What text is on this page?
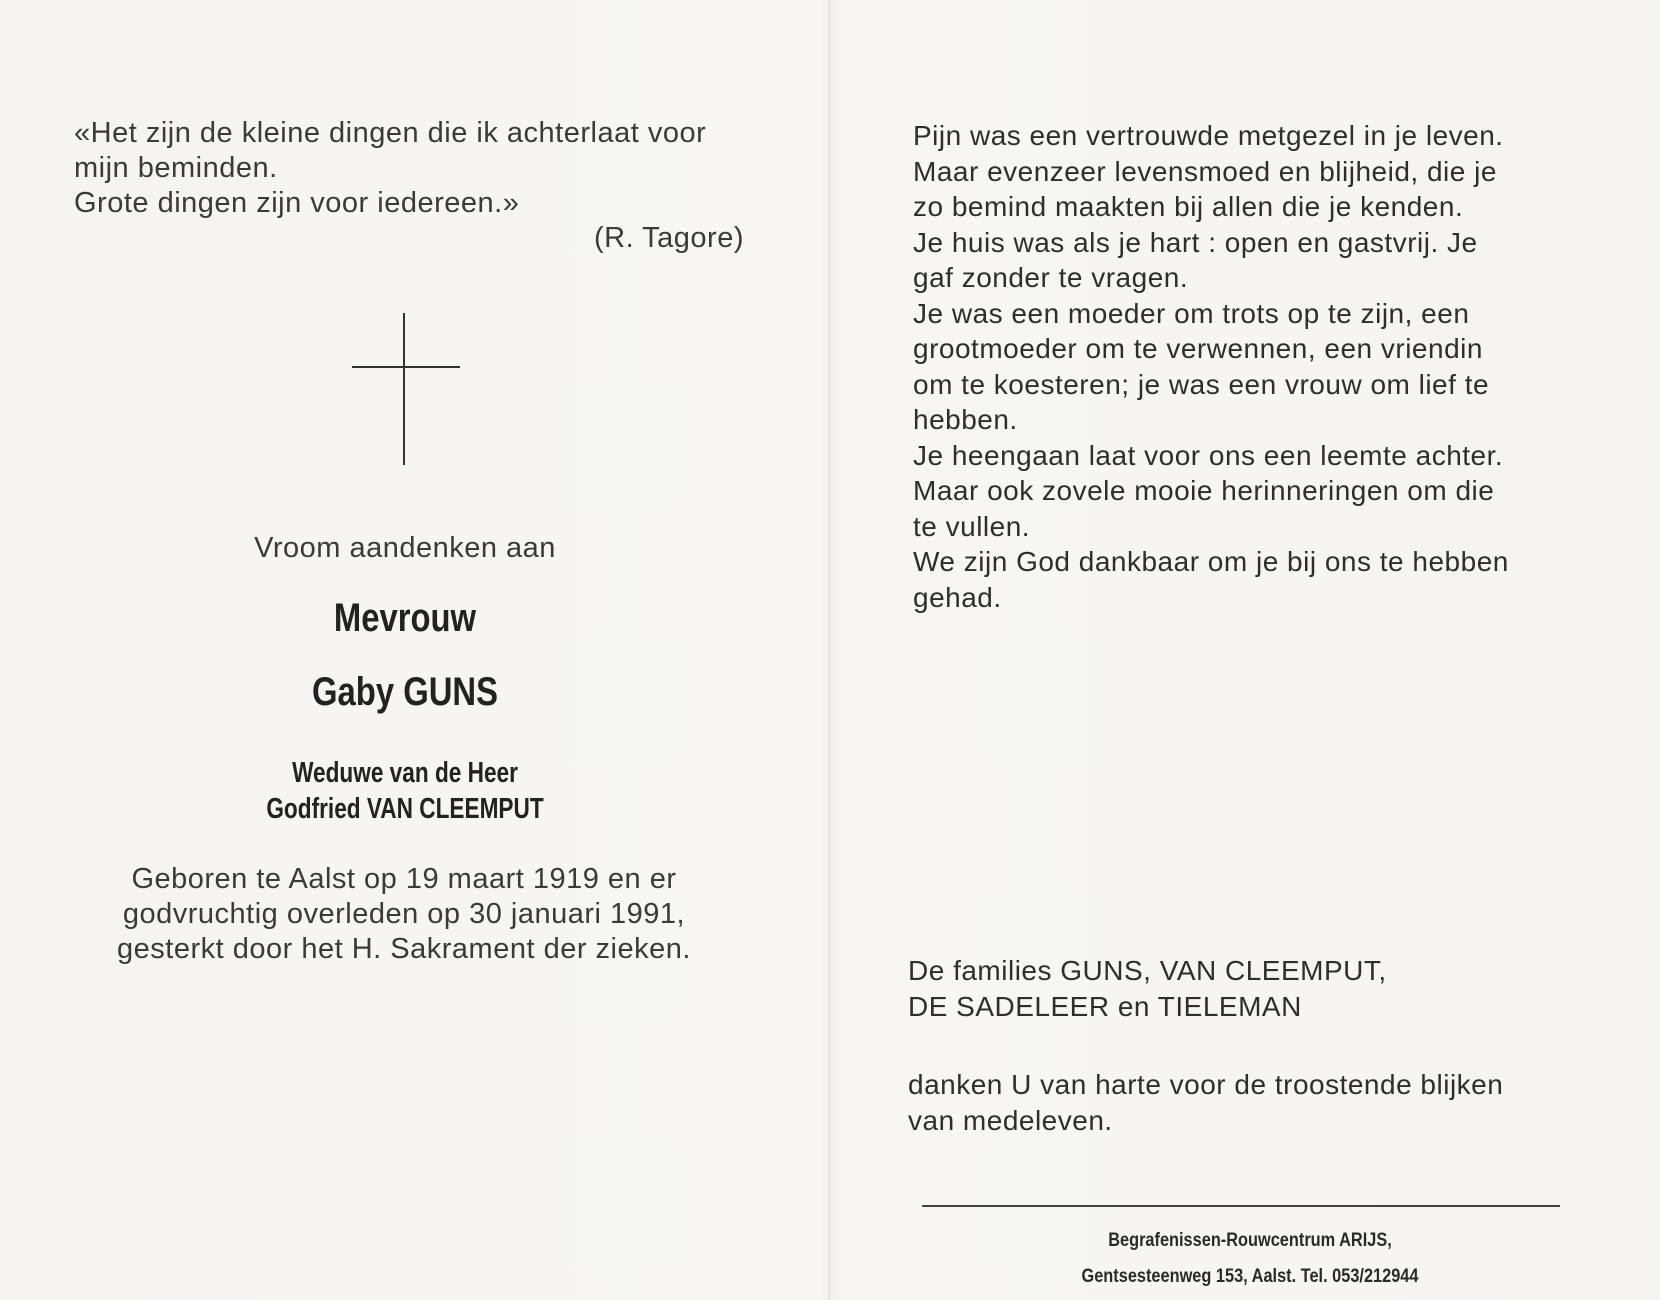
«Het zijn de kleine dingen die ik achterlaat voor

mijn beminden.

Grote dingen zijn voor iedereen.»

(R. Tagore)

Vroom aandenken aan
Mevrouw
Gaby GUNS

Weduwe van de Heer

Godfried VAN CLEEMPUT

Geboren te Aalst op 19 maart 1919 en er

godvruchtig overleden op 30 januari 1991,

gesterkt door het H. Sakrament der zieken.

Pijn was een vertrouwde metgezel in je leven.

Maar evenzeer levensmoed en blijheid, die je

zo bemind maakten bij allen die je kenden.

Je huis was als je hart : open en gastvrij. Je

gaf zonder te vragen.

Je was een moeder om trots op te zijn, een

grootmoeder om te verwennen, een vriendin

om te koesteren; je was een vrouw om lief te

hebben.

Je heengaan laat voor ons een leemte achter.

Maar ook zovele mooie herinneringen om die

te vullen.

We zijn God dankbaar om je bij ons te hebben

gehad.

De families GUNS, VAN CLEEMPUT,

DE SADELEER en TIELEMAN

danken U van harte voor de troostende blijken

van medeleven.

Begrafenissen-Rouwcentrum ARIJS,

Gentsesteenweg 153, Aalst. Tel. 053/212944
